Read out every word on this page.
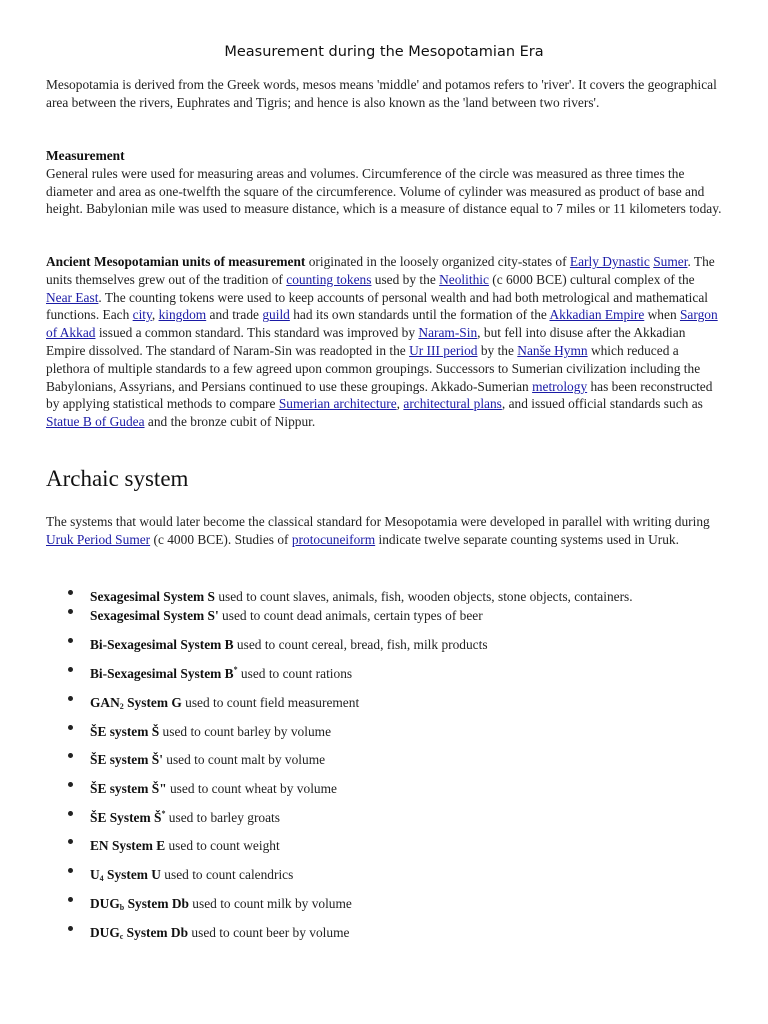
Measurement during the Mesopotamian Era

Mesopotamia is derived from the Greek words, mesos means 'middle' and potamos refers to 'river'. It covers the geographical area between the rivers, Euphrates and Tigris; and hence is also known as the 'land between two rivers'.

Measurement
General rules were used for measuring areas and volumes. Circumference of the circle was measured as three times the diameter and area as one-twelfth the square of the circumference. Volume of cylinder was measured as product of base and height. Babylonian mile was used to measure distance, which is a measure of distance equal to 7 miles or 11 kilometers today.

Ancient Mesopotamian units of measurement originated in the loosely organized city-states of Early Dynastic Sumer. The units themselves grew out of the tradition of counting tokens used by the Neolithic (c 6000 BCE) cultural complex of the Near East. The counting tokens were used to keep accounts of personal wealth and had both metrological and mathematical functions. Each city, kingdom and trade guild had its own standards until the formation of the Akkadian Empire when Sargon of Akkad issued a common standard. This standard was improved by Naram-Sin, but fell into disuse after the Akkadian Empire dissolved. The standard of Naram-Sin was readopted in the Ur III period by the Nanše Hymn which reduced a plethora of multiple standards to a few agreed upon common groupings. Successors to Sumerian civilization including the Babylonians, Assyrians, and Persians continued to use these groupings. Akkado-Sumerian metrology has been reconstructed by applying statistical methods to compare Sumerian architecture, architectural plans, and issued official standards such as Statue B of Gudea and the bronze cubit of Nippur.

Archaic system

The systems that would later become the classical standard for Mesopotamia were developed in parallel with writing during Uruk Period Sumer (c 4000 BCE). Studies of protocuneiform indicate twelve separate counting systems used in Uruk.

Sexagesimal System S used to count slaves, animals, fish, wooden objects, stone objects, containers.
Sexagesimal System S' used to count dead animals, certain types of beer
Bi-Sexagesimal System B used to count cereal, bread, fish, milk products
Bi-Sexagesimal System B* used to count rations
$GAN_2$ System G used to count field measurement
ŠE system Š used to count barley by volume
ŠE system Š' used to count malt by volume
ŠE system Š" used to count wheat by volume
ŠE System Š* used to barley groats
EN System E used to count weight
$U_4$ System U used to count calendrics
$DUG_b$ System Db used to count milk by volume
$DUG_c$ System Db used to count beer by volume
